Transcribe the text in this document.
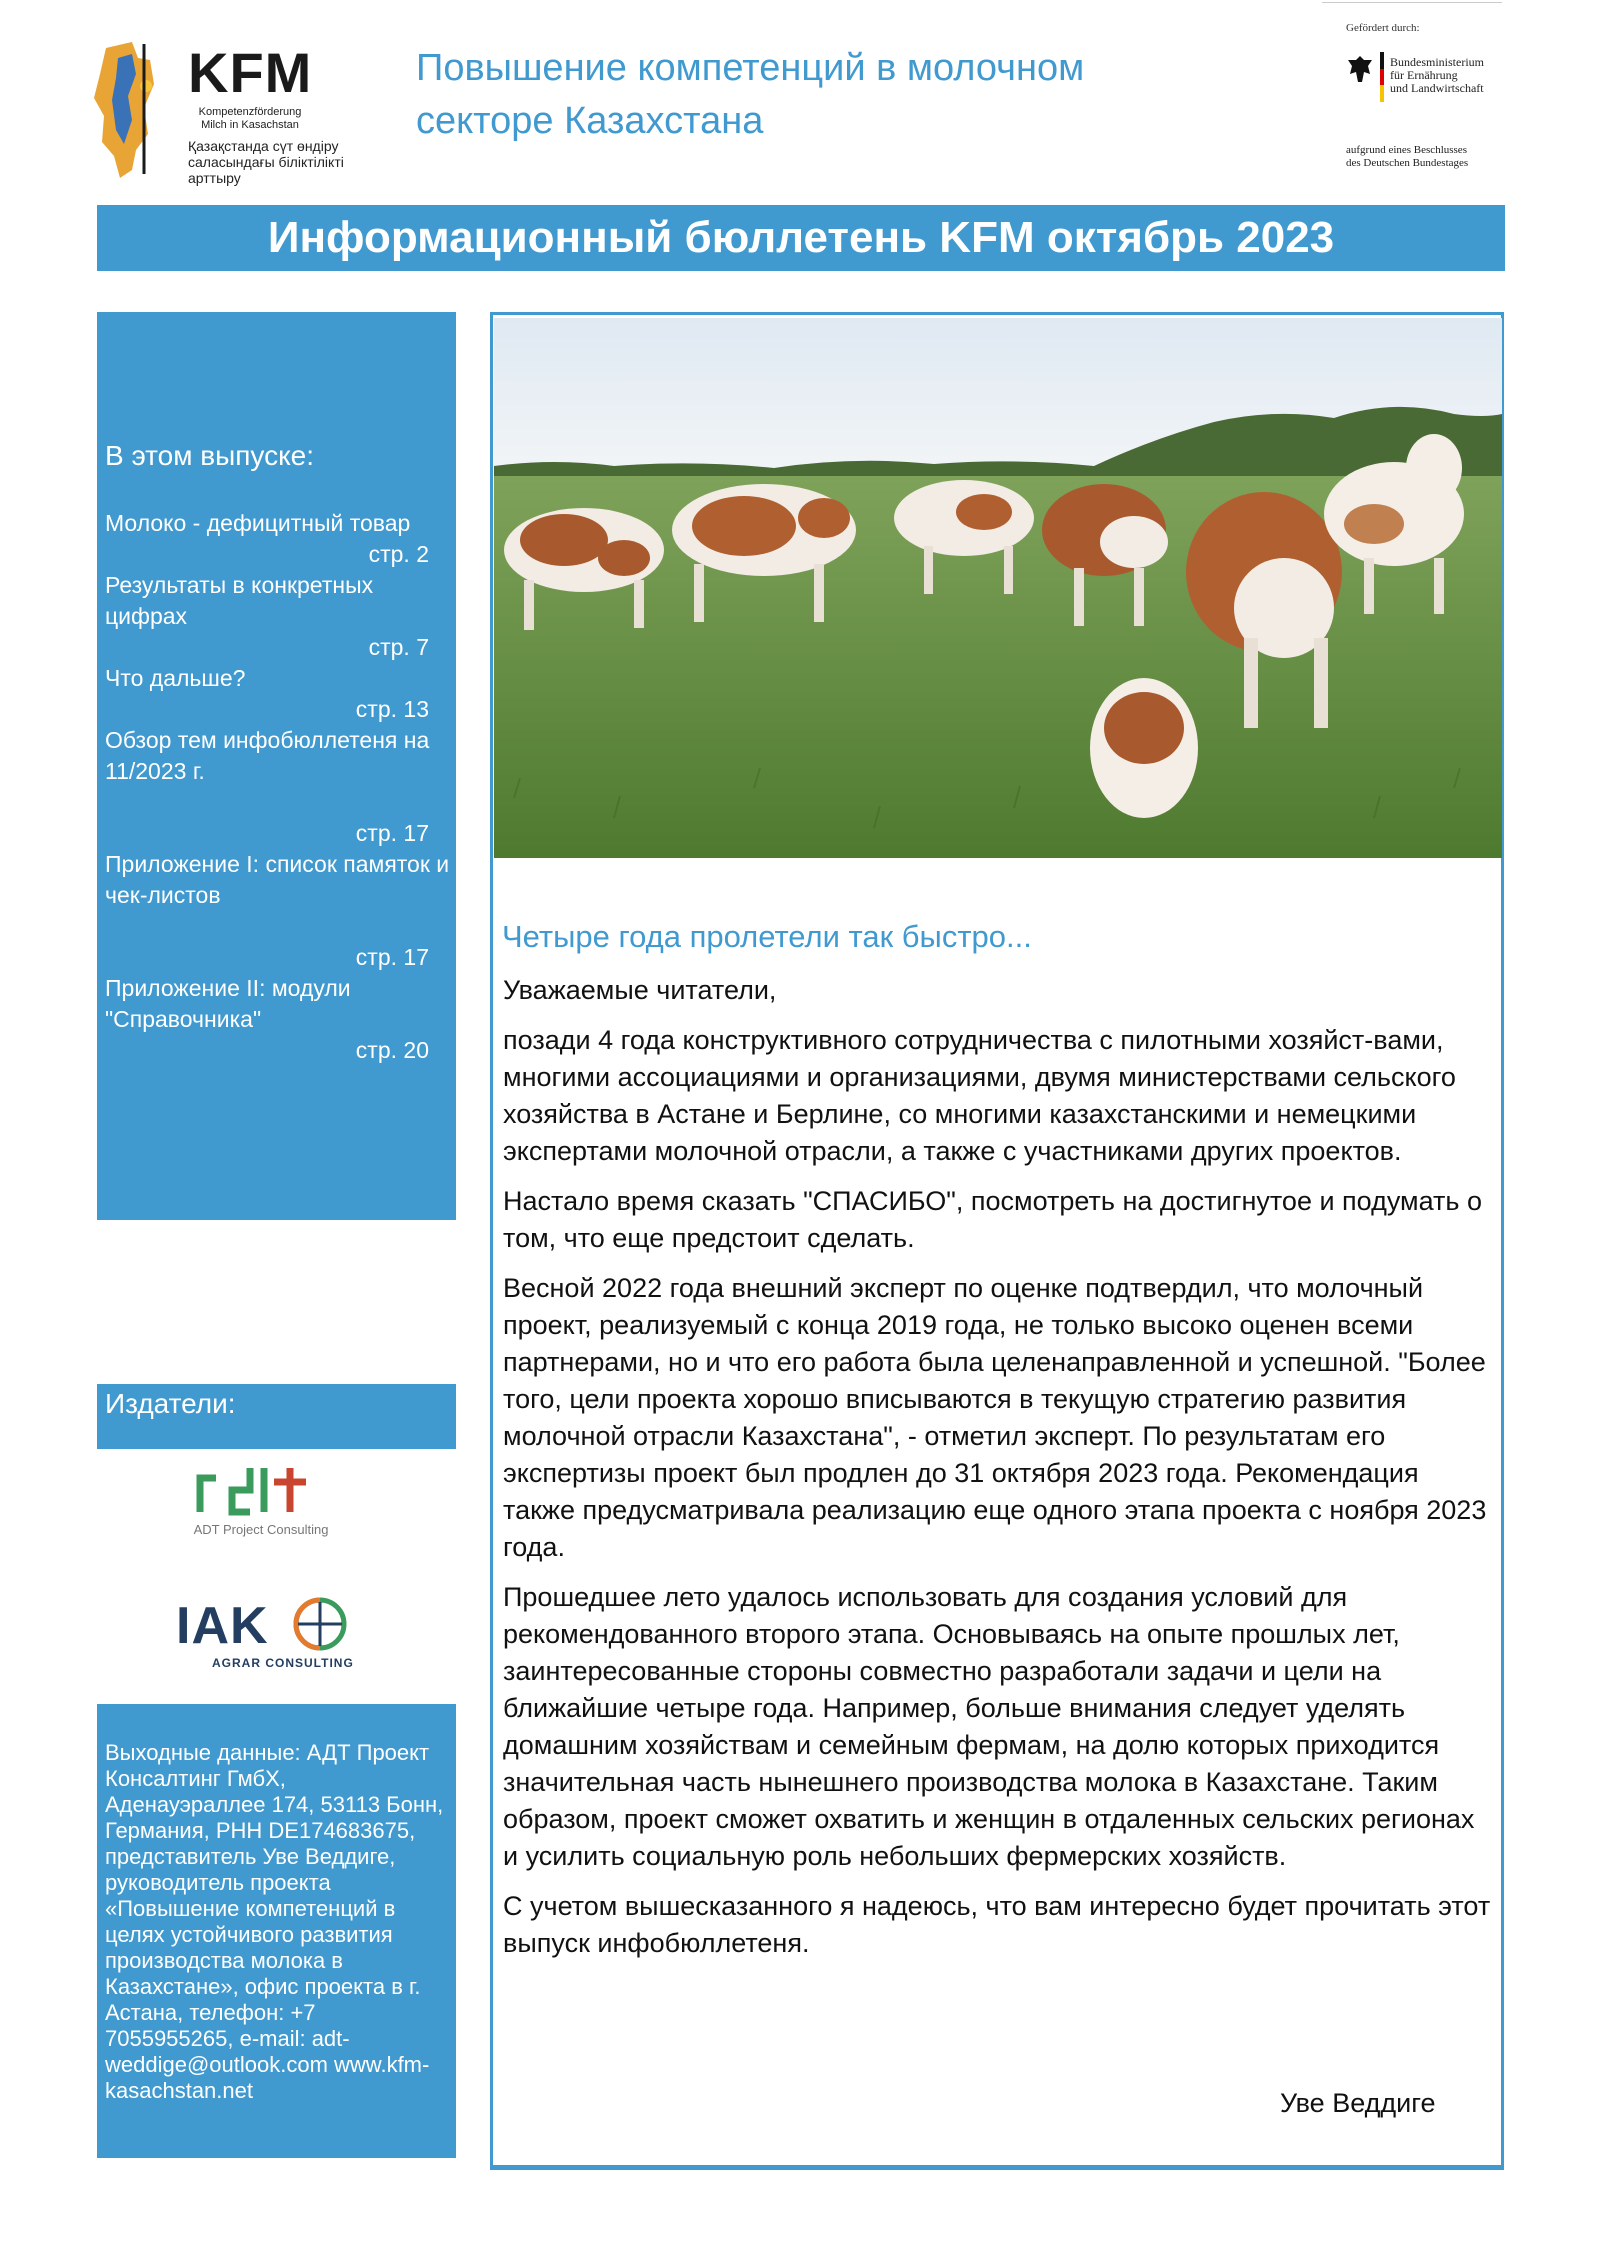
KFM
Kompetenzförderung Milch in Kasachstan
Қазақстанда сүт өндіру саласындағы біліктілікті арттыру
Повышение компетенций в молочном секторе Казахстана
Gefördert durch:
Bundesministerium
für Ernährung
und Landwirtschaft
aufgrund eines Beschlusses
des Deutschen Bundestages
Информационный бюллетень KFM октябрь 2023
В этом выпуске:
Молоко - дефицитный товар
стр. 2
Результаты в конкретных цифрах
стр. 7
Что дальше?
стр. 13
Обзор тем инфобюллетеня на 11/2023 г.
стр. 17
Приложение I: список памяток и чек-листов
стр. 17
Приложение II: модули "Справочника"
стр. 20
Издатели:
ADT Project Consulting
IAK
AGRAR CONSULTING
Выходные данные: АДТ Проект Консалтинг ГмбХ, Аденауэраллее 174, 53113 Бонн, Германия, РНН DE174683675, представитель Уве Веддиге, руководитель проекта «Повышение компетенций в целях устойчивого развития производства молока в Казахстане», офис проекта в г. Астана, телефон: +7 7055955265, e-mail: adt-weddige@outlook.com www.kfm-kasachstan.net
Четыре года пролетели так быстро...

Уважаемые читатели,

позади 4 года конструктивного сотрудничества с пилотными хозяйст-вами, многими ассоциациями и организациями, двумя министерствами сельского хозяйства в Астане и Берлине, со многими казахстанскими и немецкими экспертами молочной отрасли, а также с участниками других проектов.

Настало время сказать "СПАСИБО", посмотреть на достигнутое и подумать о том, что еще предстоит сделать.

Весной 2022 года внешний эксперт по оценке подтвердил, что молочный проект, реализуемый с конца 2019 года, не только высоко оценен всеми партнерами, но и что его работа была целенаправленной и успешной. "Более того, цели проекта хорошо вписываются в текущую стратегию развития молочной отрасли Казахстана", - отметил эксперт. По результатам его экспертизы проект был продлен до 31 октября 2023 года. Рекомендация также предусматривала реализацию еще одного этапа проекта с ноября 2023 года.

Прошедшее лето удалось использовать для создания условий для рекомендованного второго этапа. Основываясь на опыте прошлых лет, заинтересованные стороны совместно разработали задачи и цели на ближайшие четыре года. Например, больше внимания следует уделять домашним хозяйствам и семейным фермам, на долю которых приходится значительная часть нынешнего производства молока в Казахстане. Таким образом, проект сможет охватить и женщин в отдаленных сельских регионах и усилить социальную роль небольших фермерских хозяйств.

С учетом вышесказанного я надеюсь, что вам интересно будет прочитать этот выпуск инфобюллетеня.

Уве Веддиге
